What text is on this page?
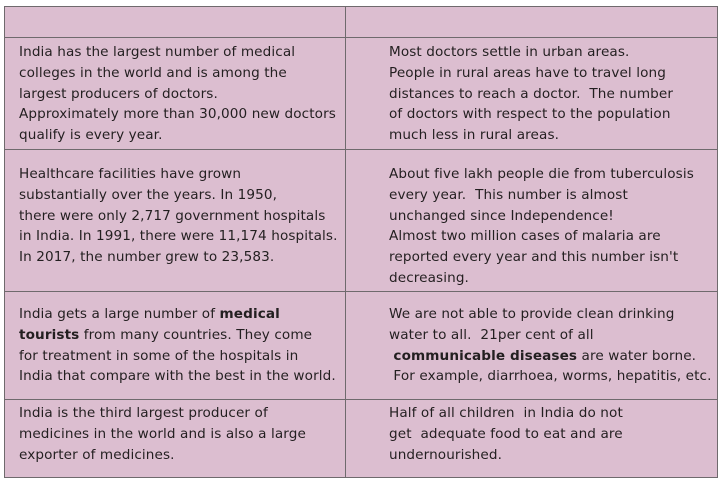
India has the largest number of medical
colleges in the world and is among the
largest producers of doctors.
Approximately more than 30,000 new doctors
qualify is every year.
Most doctors settle in urban areas.
People in rural areas have to travel long
distances to reach a doctor.  The number
of doctors with respect to the population
much less in rural areas.
Healthcare facilities have grown
substantially over the years. In 1950,
there were only 2,717 government hospitals
in India. In 1991, there were 11,174 hospitals.
In 2017, the number grew to 23,583.
About five lakh people die from tuberculosis
every year.  This number is almost
unchanged since Independence!
Almost two million cases of malaria are
reported every year and this number isn't
decreasing.
India gets a large number of medical
tourists from many countries. They come
for treatment in some of the hospitals in
India that compare with the best in the world.
We are not able to provide clean drinking
water to all.  21per cent of all
communicable diseases are water borne.
For example, diarrhoea, worms, hepatitis, etc.
India is the third largest producer of
medicines in the world and is also a large
exporter of medicines.
Half of all children  in India do not
get  adequate food to eat and are
undernourished.
